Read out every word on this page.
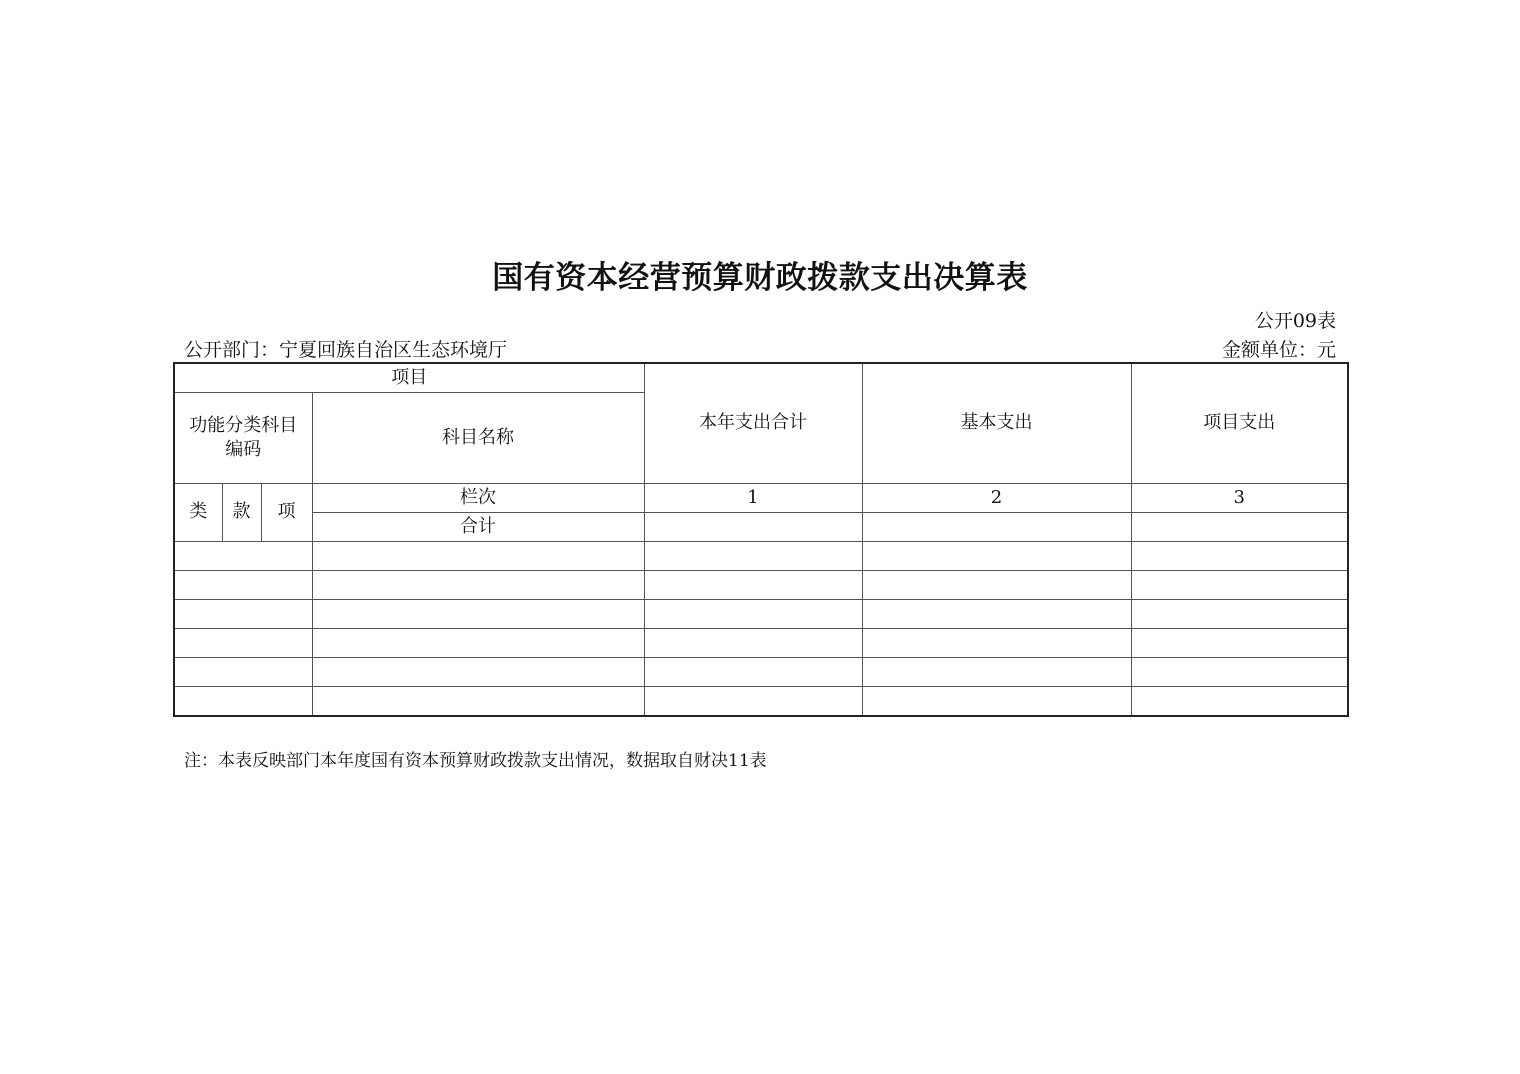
国有资本经营预算财政拨款支出决算表
公开09表
公开部门：宁夏回族自治区生态环境厅	金额单位：元
项目				本年支出合计	基本支出	项目支出
功能分类科目编码			科目名称			
类	款	项	栏次	1	2	3
			合计			

注：本表反映部门本年度国有资本预算财政拨款支出情况，数据取自财决11表
